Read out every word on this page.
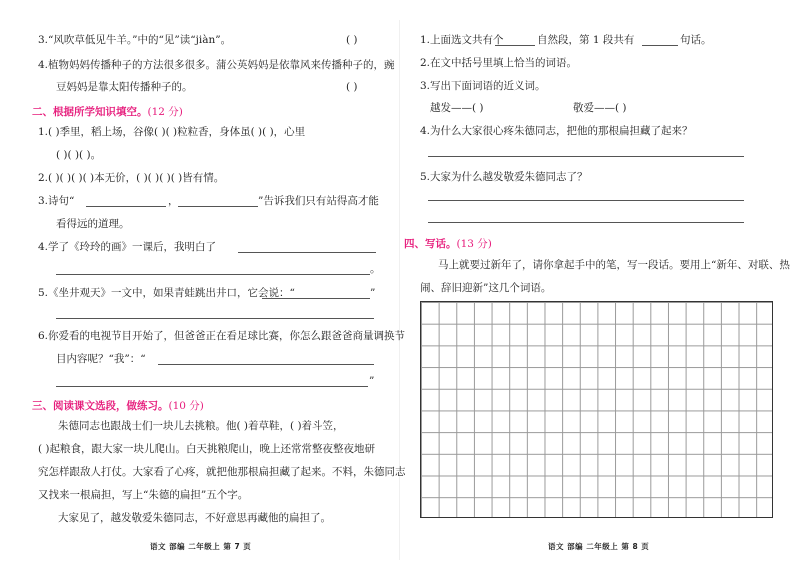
3.“风吹草低见牛羊。”中的“见”读“jiàn”。	( )
4.植物妈妈传播种子的方法很多很多。蒲公英妈妈是依靠风来传播种子的，豌
豆妈妈是靠太阳传播种子的。	( )
二、根据所学知识填空。(12 分)
1.( )季里，稻上场，谷像( )( )粒粒香，身体虽( )( )，心里
( )( )( )。
2.( )( )( )( )本无价，( )( )( )( )皆有情。
3.诗句“	，	”告诉我们只有站得高才能
看得远的道理。
4.学了《玲玲的画》一课后，我明白了
。
5.《坐井观天》一文中，如果青蛙跳出井口，它会说：“	”
6.你爱看的电视节目开始了，但爸爸正在看足球比赛，你怎么跟爸爸商量调换节
目内容呢？“我”：“
”
三、阅读课文选段，做练习。(10 分)
朱德同志也跟战士们一块儿去挑粮。他( )着草鞋，( )着斗笠，
( )起粮食，跟大家一块儿爬山。白天挑粮爬山，晚上还常常整夜整夜地研
究怎样跟敌人打仗。大家看了心疼，就把他那根扁担藏了起来。不料，朱德同志
又找来一根扁担，写上“朱德的扁担”五个字。
大家见了，越发敬爱朱德同志，不好意思再藏他的扁担了。
语文 部编 二年级上 第 7 页
1.上面选文共有个	自然段，第 1 段共有	句话。
2.在文中括号里填上恰当的词语。
3.写出下面词语的近义词。
越发——( )	敬爱——( )
4.为什么大家很心疼朱德同志，把他的那根扁担藏了起来？
5.大家为什么越发敬爱朱德同志了？
四、写话。(13 分)
马上就要过新年了，请你拿起手中的笔，写一段话。要用上“新年、对联、热
闹、辞旧迎新”这几个词语。
语文 部编 二年级上 第 8 页
